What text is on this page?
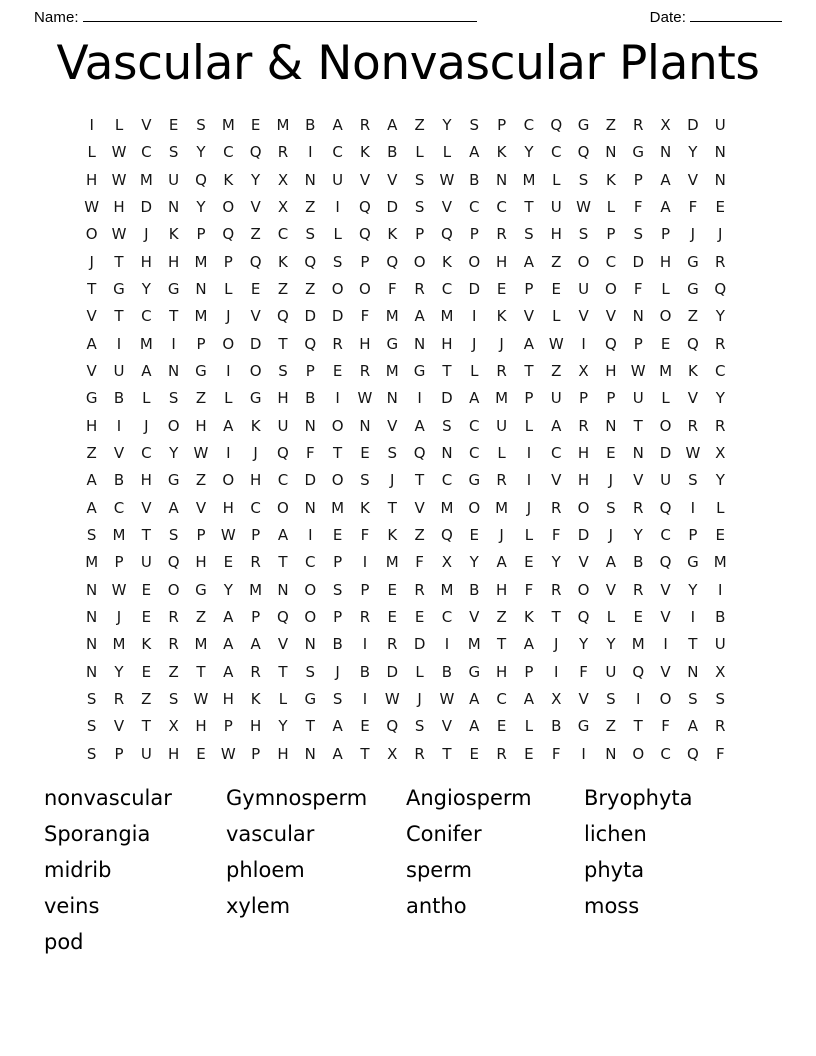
Name:	Date:
Vascular & Nonvascular Plants
I	L	V	E	S	M	E	M	B	A	R	A	Z	Y	S	P	C	Q	G	Z	R	X	D	U
L	W	C	S	Y	C	Q	R	I	C	K	B	L	L	A	K	Y	C	Q	N	G	N	Y	N
H	W	M	U	Q	K	Y	X	N	U	V	V	S	W	B	N	M	L	S	K	P	A	V	N
W	H	D	N	Y	O	V	X	Z	I	Q	D	S	V	C	C	T	U	W	L	F	A	F	E
O	W	J	K	P	Q	Z	C	S	L	Q	K	P	Q	P	R	S	H	S	P	S	P	J	J
J	T	H	H	M	P	Q	K	Q	S	P	Q	O	K	O	H	A	Z	O	C	D	H	G	R
T	G	Y	G	N	L	E	Z	Z	O	O	F	R	C	D	E	P	E	U	O	F	L	G	Q
V	T	C	T	M	J	V	Q	D	D	F	M	A	M	I	K	V	L	V	V	N	O	Z	Y
A	I	M	I	P	O	D	T	Q	R	H	G	N	H	J	J	A	W	I	Q	P	E	Q	R
V	U	A	N	G	I	O	S	P	E	R	M	G	T	L	R	T	Z	X	H	W	M	K	C
G	B	L	S	Z	L	G	H	B	I	W	N	I	D	A	M	P	U	P	P	U	L	V	Y
H	I	J	O	H	A	K	U	N	O	N	V	A	S	C	U	L	A	R	N	T	O	R	R
Z	V	C	Y	W	I	J	Q	F	T	E	S	Q	N	C	L	I	C	H	E	N	D	W	X
A	B	H	G	Z	O	H	C	D	O	S	J	T	C	G	R	I	V	H	J	V	U	S	Y
A	C	V	A	V	H	C	O	N	M	K	T	V	M	O	M	J	R	O	S	R	Q	I	L
S	M	T	S	P	W	P	A	I	E	F	K	Z	Q	E	J	L	F	D	J	Y	C	P	E
M	P	U	Q	H	E	R	T	C	P	I	M	F	X	Y	A	E	Y	V	A	B	Q	G	M
N	W	E	O	G	Y	M	N	O	S	P	E	R	M	B	H	F	R	O	V	R	V	Y	I
N	J	E	R	Z	A	P	Q	O	P	R	E	E	C	V	Z	K	T	Q	L	E	V	I	B
N	M	K	R	M	A	A	V	N	B	I	R	D	I	M	T	A	J	Y	Y	M	I	T	U
N	Y	E	Z	T	A	R	T	S	J	B	D	L	B	G	H	P	I	F	U	Q	V	N	X
S	R	Z	S	W	H	K	L	G	S	I	W	J	W	A	C	A	X	V	S	I	O	S	S
S	V	T	X	H	P	H	Y	T	A	E	Q	S	V	A	E	L	B	G	Z	T	F	A	R
S	P	U	H	E	W	P	H	N	A	T	X	R	T	E	R	E	F	I	N	O	C	Q	F
nonvascular	Gymnosperm	Angiosperm	Bryophyta
Sporangia	vascular	Conifer	lichen
midrib	phloem	sperm	phyta
veins	xylem	antho	moss
pod
